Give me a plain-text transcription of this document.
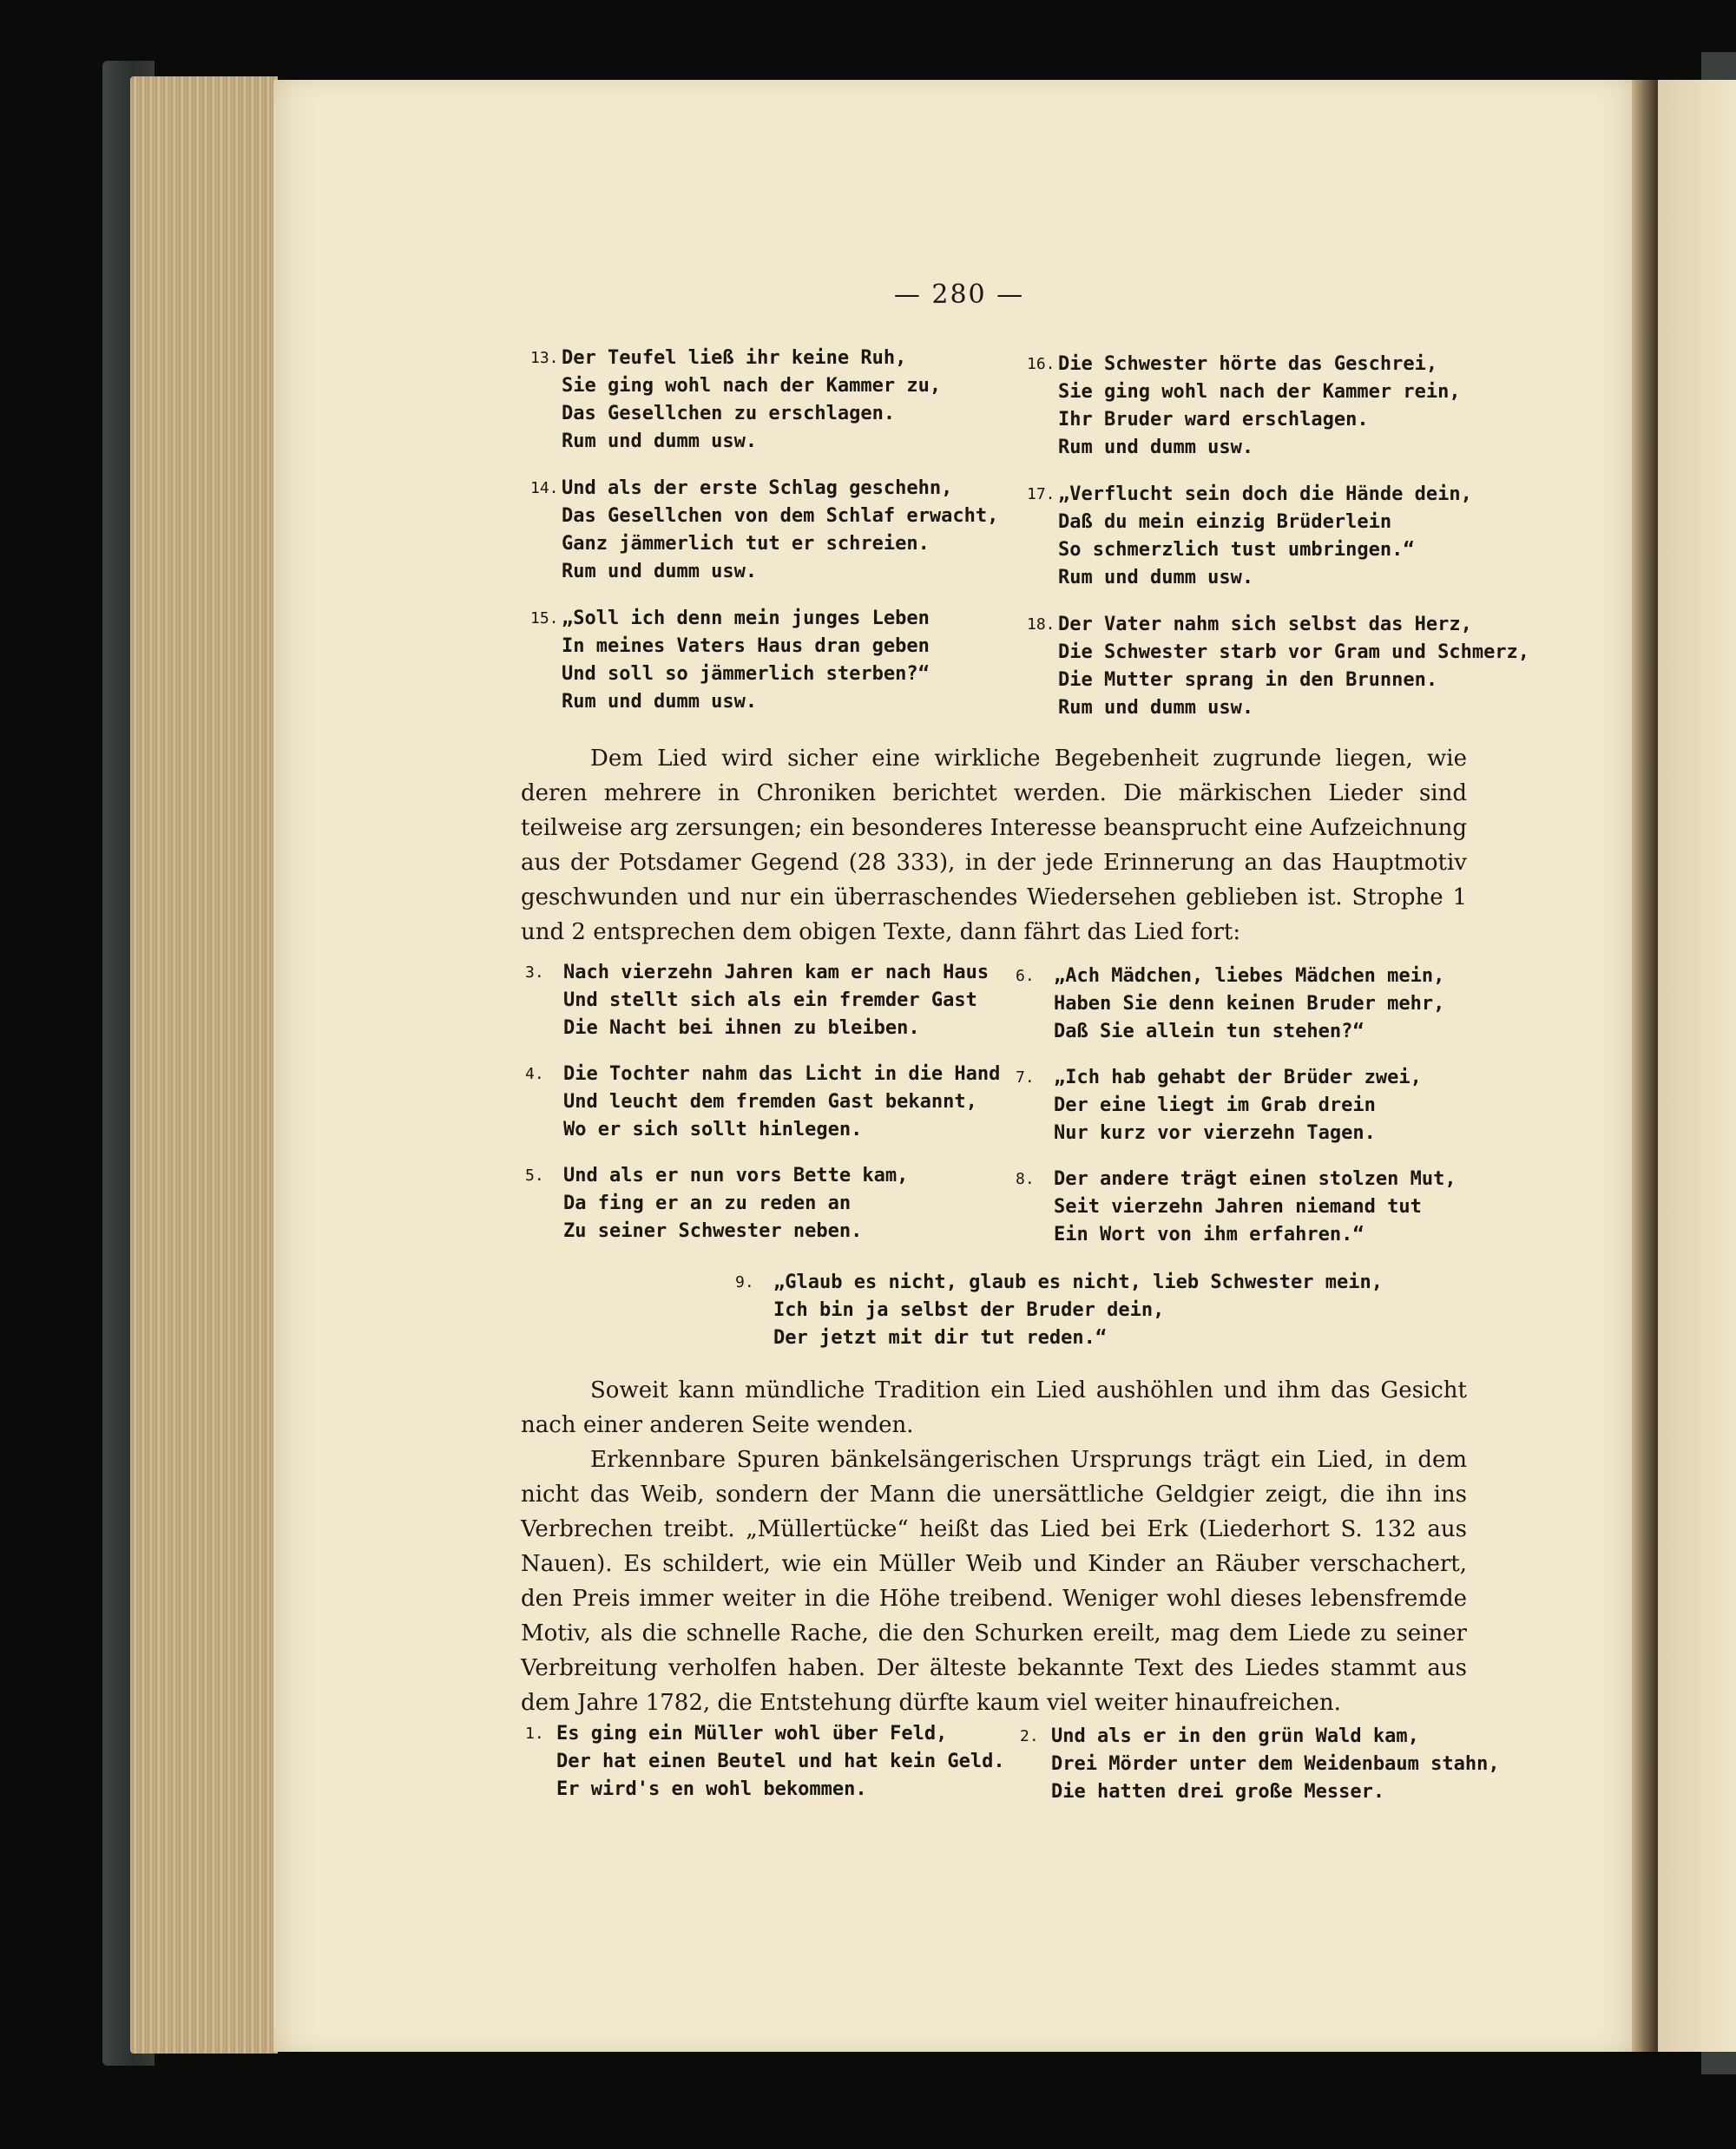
— 280 —
13. Der Teufel ließ ihr keine Ruh,
Sie ging wohl nach der Kammer zu,
Das Gesellchen zu erschlagen.
Rum und dumm usw.
14. Und als der erste Schlag geschehn,
Das Gesellchen von dem Schlaf erwacht,
Ganz jämmerlich tut er schreien.
Rum und dumm usw.
15. „Soll ich denn mein junges Leben
In meines Vaters Haus dran geben
Und soll so jämmerlich sterben?“
Rum und dumm usw.
16. Die Schwester hörte das Geschrei,
Sie ging wohl nach der Kammer rein,
Ihr Bruder ward erschlagen.
Rum und dumm usw.
17. „Verflucht sein doch die Hände dein,
Daß du mein einzig Brüderlein
So schmerzlich tust umbringen.“
Rum und dumm usw.
18. Der Vater nahm sich selbst das Herz,
Die Schwester starb vor Gram und Schmerz,
Die Mutter sprang in den Brunnen.
Rum und dumm usw.

Dem Lied wird sicher eine wirkliche Begebenheit zugrunde liegen, wie deren mehrere in Chroniken berichtet werden. Die märkischen Lieder sind teilweise arg zersungen; ein besonderes Interesse beansprucht eine Aufzeichnung aus der Potsdamer Gegend (28 333), in der jede Erinnerung an das Hauptmotiv geschwunden und nur ein überraschendes Wiedersehen geblieben ist. Strophe 1 und 2 entsprechen dem obigen Texte, dann fährt das Lied fort:

3.	Nach vierzehn Jahren kam er nach Haus
Und stellt sich als ein fremder Gast
Die Nacht bei ihnen zu bleiben.
4.	Die Tochter nahm das Licht in die Hand
Und leucht dem fremden Gast bekannt,
Wo er sich sollt hinlegen.
5.	Und als er nun vors Bette kam,
Da fing er an zu reden an
Zu seiner Schwester neben.
6.	„Ach Mädchen, liebes Mädchen mein,
Haben Sie denn keinen Bruder mehr,
Daß Sie allein tun stehen?“
7.	„Ich hab gehabt der Brüder zwei,
Der eine liegt im Grab drein
Nur kurz vor vierzehn Tagen.
8.	Der andere trägt einen stolzen Mut,
Seit vierzehn Jahren niemand tut
Ein Wort von ihm erfahren.“
9.	„Glaub es nicht, glaub es nicht, lieb Schwester mein,
Ich bin ja selbst der Bruder dein,
Der jetzt mit dir tut reden.“

Soweit kann mündliche Tradition ein Lied aushöhlen und ihm das Gesicht nach einer anderen Seite wenden.

Erkennbare Spuren bänkelsängerischen Ursprungs trägt ein Lied, in dem nicht das Weib, sondern der Mann die unersättliche Geldgier zeigt, die ihn ins Verbrechen treibt. „Müllertücke“ heißt das Lied bei Erk (Liederhort S. 132 aus Nauen). Es schildert, wie ein Müller Weib und Kinder an Räuber verschachert, den Preis immer weiter in die Höhe treibend. Weniger wohl dieses lebensfremde Motiv, als die schnelle Rache, die den Schurken ereilt, mag dem Liede zu seiner Verbreitung verholfen haben. Der älteste bekannte Text des Liedes stammt aus dem Jahre 1782, die Entstehung dürfte kaum viel weiter hinaufreichen.

1. Es ging ein Müller wohl über Feld,
Der hat einen Beutel und hat kein Geld.
Er wird's en wohl bekommen.
2. Und als er in den grün Wald kam,
Drei Mörder unter dem Weidenbaum stahn,
Die hatten drei große Messer.
